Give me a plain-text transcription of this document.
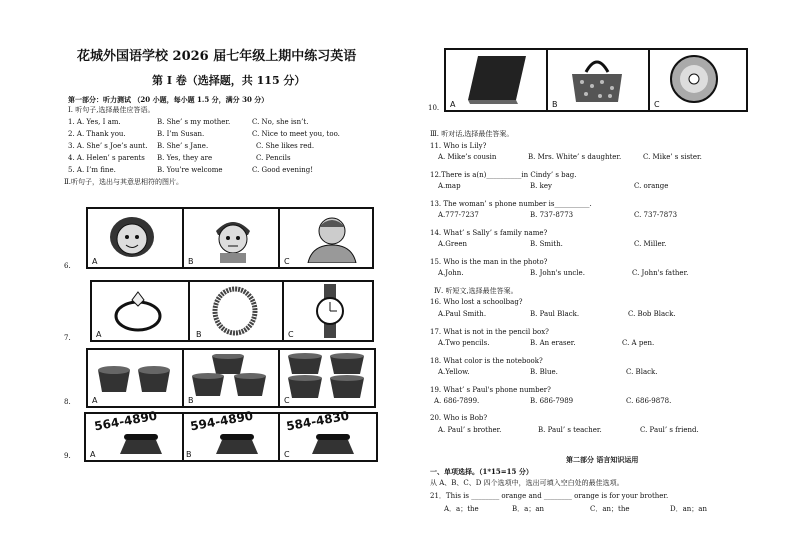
花城外国语学校 2026 届七年级上期中练习英语
第 I 卷（选择题，共 115 分）
第一部分：听力测试 （20 小题，每小题 1.5 分，满分 30 分）
Ⅰ. 听句子,选择最佳应答语。
1. A. Yes, I am.	B. She’ s my mother.	C. No, she isn’t.
2. A. Thank you.	B. I’m Susan.	C. Nice to meet you, too.
3. A. She’ s Joe’s aunt. B. She’ s Jane.	C. She likes red.
4. A. Helen’ s parents B. Yes, they are	C. Pencils
5. A. I’m fine.	B. You’re welcome	C. Good evening!
Ⅱ.听句子，选出与其意思相符的图片。
6.	A	B	C
7.	A	B	C
8.	A	B	C
9.
564-4890	594-4890	584-4830
A	B	C
10. A	B	C
Ⅲ. 听对话,选择最佳答案。
11. Who is Lily?
A. Mike’s cousin	B. Mrs. White’ s daughter.	C. Mike’ s sister.
12.There is a(n)__________in Cindy’ s bag.
A.map	B. key	C. orange
13. The woman’ s phone number is__________.
A.777-7237	B. 737-8773	C. 737-7873
14. What’ s Sally’ s family name?
A.Green	B. Smith.	C. Miller.
15. Who is the man in the photo?
A.John.	B. John's uncle.	C. John's father.
Ⅳ. 听短文,选择最佳答案。
16. Who lost a schoolbag?
A.Paul Smith.	B. Paul Black.	C. Bob Black.
17. What is not in the pencil box?
A.Two pencils.	B. An eraser.	C. A pen.
18. What color is the notebook?
A.Yellow.	B. Blue.	C. Black.
19. What’ s Paul's phone number?
A. 686-7899.	B. 686-7989	C. 686-9878.
20. Who is Bob?
A. Paul’ s brother.	B. Paul’ s teacher.	C. Paul’ s friend.
第二部分 语言知识运用
一、单项选择。（1*15=15 分）
从 A、B、C、D 四个选项中，选出可填入空白处的最佳选项。
21．This is ________ orange and ________ orange is for your brother.
A．a；the	B．a；an	C．an；the	D．an；an
